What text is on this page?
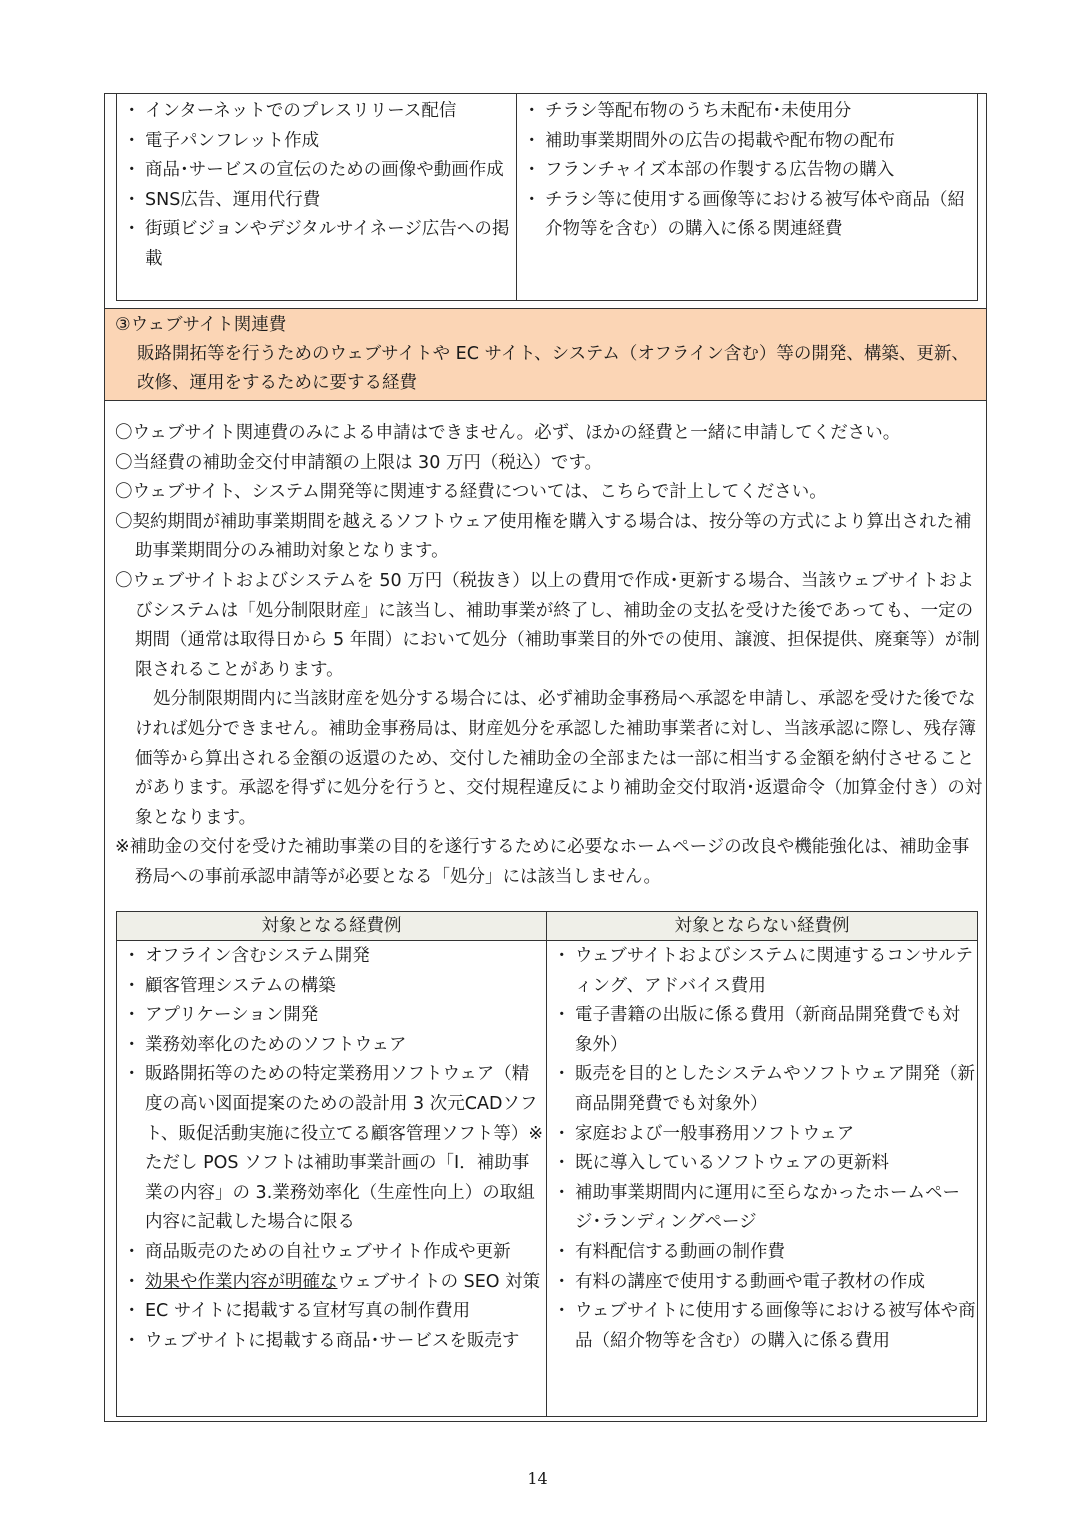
・ インターネットでのプレスリリース配信
・ 電子パンフレット作成
・ 商品･サービスの宣伝のための画像や動画作成
・ SNS広告、運用代行費
・ 街頭ビジョンやデジタルサイネージ広告への掲載
・ チラシ等配布物のうち未配布･未使用分
・ 補助事業期間外の広告の掲載や配布物の配布
・ フランチャイズ本部の作製する広告物の購入
・ チラシ等に使用する画像等における被写体や商品（紹介物等を含む）の購入に係る関連経費
③ウェブサイト関連費
販路開拓等を行うためのウェブサイトや EC サイト、システム（オフライン含む）等の開発、構築、更新、改修、運用をするために要する経費
〇ウェブサイト関連費のみによる申請はできません。必ず、ほかの経費と一緒に申請してください。
〇当経費の補助金交付申請額の上限は 30 万円（税込）です。
〇ウェブサイト、システム開発等に関連する経費については、こちらで計上してください。
〇契約期間が補助事業期間を越えるソフトウェア使用権を購入する場合は、按分等の方式により算出された補助事業期間分のみ補助対象となります。
〇ウェブサイトおよびシステムを 50 万円（税抜き）以上の費用で作成･更新する場合、当該ウェブサイトおよびシステムは「処分制限財産」に該当し、補助事業が終了し、補助金の支払を受けた後であっても、一定の期間（通常は取得日から 5 年間）において処分（補助事業目的外での使用、譲渡、担保提供、廃棄等）が制限されることがあります。
処分制限期間内に当該財産を処分する場合には、必ず補助金事務局へ承認を申請し、承認を受けた後でなければ処分できません。補助金事務局は、財産処分を承認した補助事業者に対し、当該承認に際し、残存簿価等から算出される金額の返還のため、交付した補助金の全部または一部に相当する金額を納付させることがあります。承認を得ずに処分を行うと、交付規程違反により補助金交付取消･返還命令（加算金付き）の対象となります。
※補助金の交付を受けた補助事業の目的を遂行するために必要なホームページの改良や機能強化は、補助金事務局への事前承認申請等が必要となる「処分」には該当しません。
対象となる経費例	対象とならない経費例
・ オフライン含むシステム開発
・ 顧客管理システムの構築
・ アプリケーション開発
・ 業務効率化のためのソフトウェア
・ 販路開拓等のための特定業務用ソフトウェア（精度の高い図面提案のための設計用 3 次元CADソフト、販促活動実施に役立てる顧客管理ソフト等）※ただし POS ソフトは補助事業計画の「Ⅰ．補助事業の内容」の 3.業務効率化（生産性向上）の取組内容に記載した場合に限る
・ 商品販売のための自社ウェブサイト作成や更新
・ 効果や作業内容が明確なウェブサイトの SEO 対策
・ EC サイトに掲載する宣材写真の制作費用
・ ウェブサイトに掲載する商品･サービスを販売す
・ ウェブサイトおよびシステムに関連するコンサルティング、アドバイス費用
・ 電子書籍の出版に係る費用（新商品開発費でも対象外）
・ 販売を目的としたシステムやソフトウェア開発（新商品開発費でも対象外）
・ 家庭および一般事務用ソフトウェア
・ 既に導入しているソフトウェアの更新料
・ 補助事業期間内に運用に至らなかったホームページ･ランディングページ
・ 有料配信する動画の制作費
・ 有料の講座で使用する動画や電子教材の作成
・ ウェブサイトに使用する画像等における被写体や商品（紹介物等を含む）の購入に係る費用
14
